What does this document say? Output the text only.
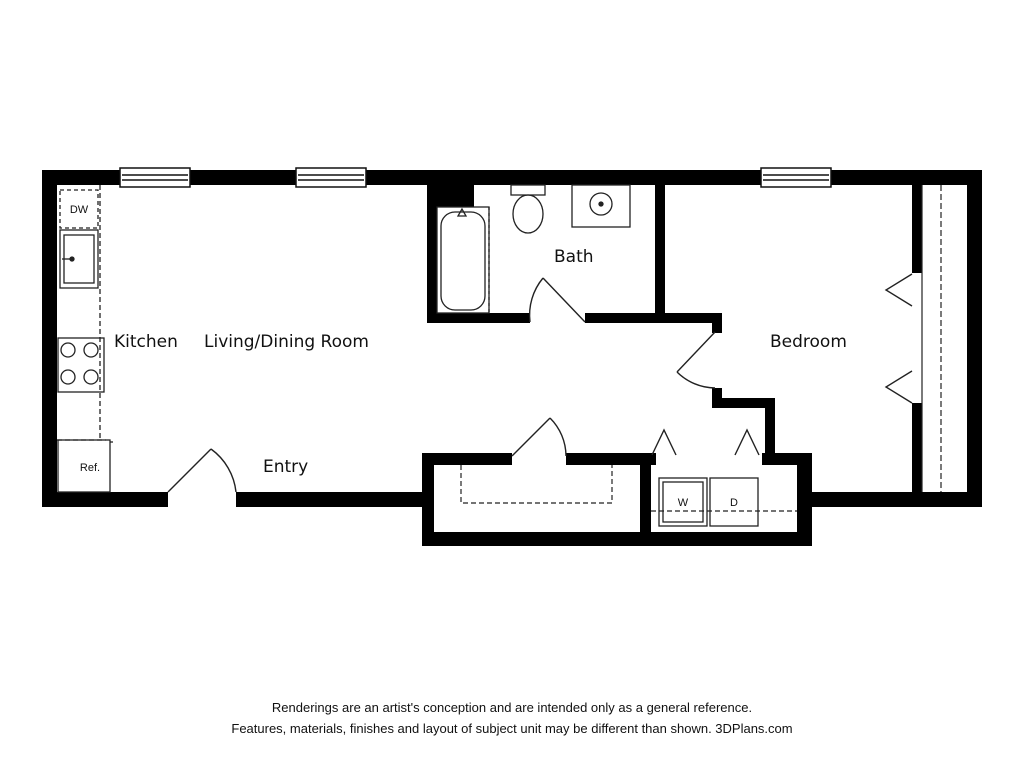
DW
Ref.
W	D
Kitchen Living/Dining Room
Bath
Bedroom
Entry
Renderings are an artist's conception and are intended only as a general reference.
Features, materials, finishes and layout of subject unit may be different than shown. 3DPlans.com
